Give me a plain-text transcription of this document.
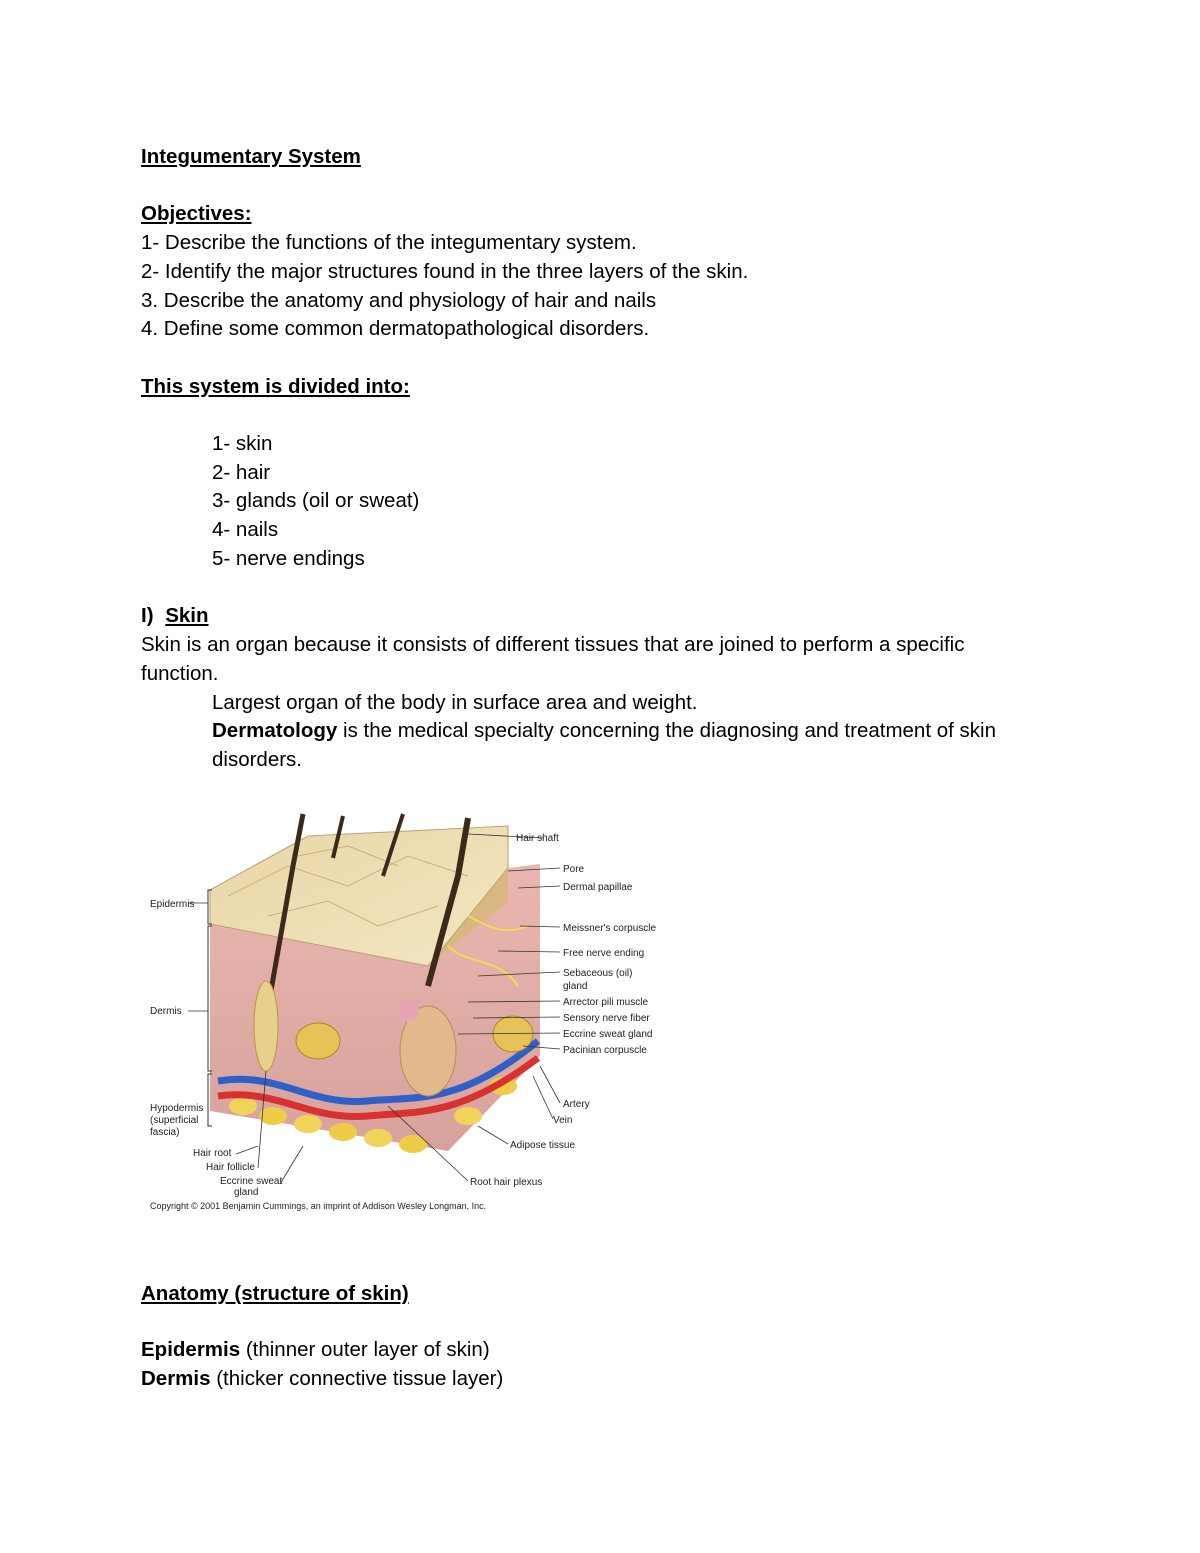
Integumentary System
Objectives:
1- Describe the functions of the integumentary system.
2- Identify the major structures found in the three layers of the skin.
3. Describe the anatomy and physiology of hair and nails
4. Define some common dermatopathological disorders.
This system is divided into:
1- skin
2- hair
3- glands (oil or sweat)
4- nails
5- nerve endings
I) Skin
Skin is an organ because it consists of different tissues that are joined to perform a specific function.
Largest organ of the body in surface area and weight.
Dermatology is the medical specialty concerning the diagnosing and treatment of skin disorders.
Hair shaft
Pore
Dermal papillae
Meissner's corpuscle
Free nerve ending
Sebaceous (oil)
gland
Arrector pili muscle
Sensory nerve fiber
Eccrine sweat gland
Pacinian corpuscle
Artery
Vein
Adipose tissue
Root hair plexus
Epidermis
Dermis
Hypodermis
(superficial
fascia)
Hair root
Hair follicle
Eccrine sweat
gland
Copyright © 2001 Benjamin Cummings, an imprint of Addison Wesley Longman, Inc.
Anatomy (structure of skin)
Epidermis (thinner outer layer of skin)
Dermis (thicker connective tissue layer)
